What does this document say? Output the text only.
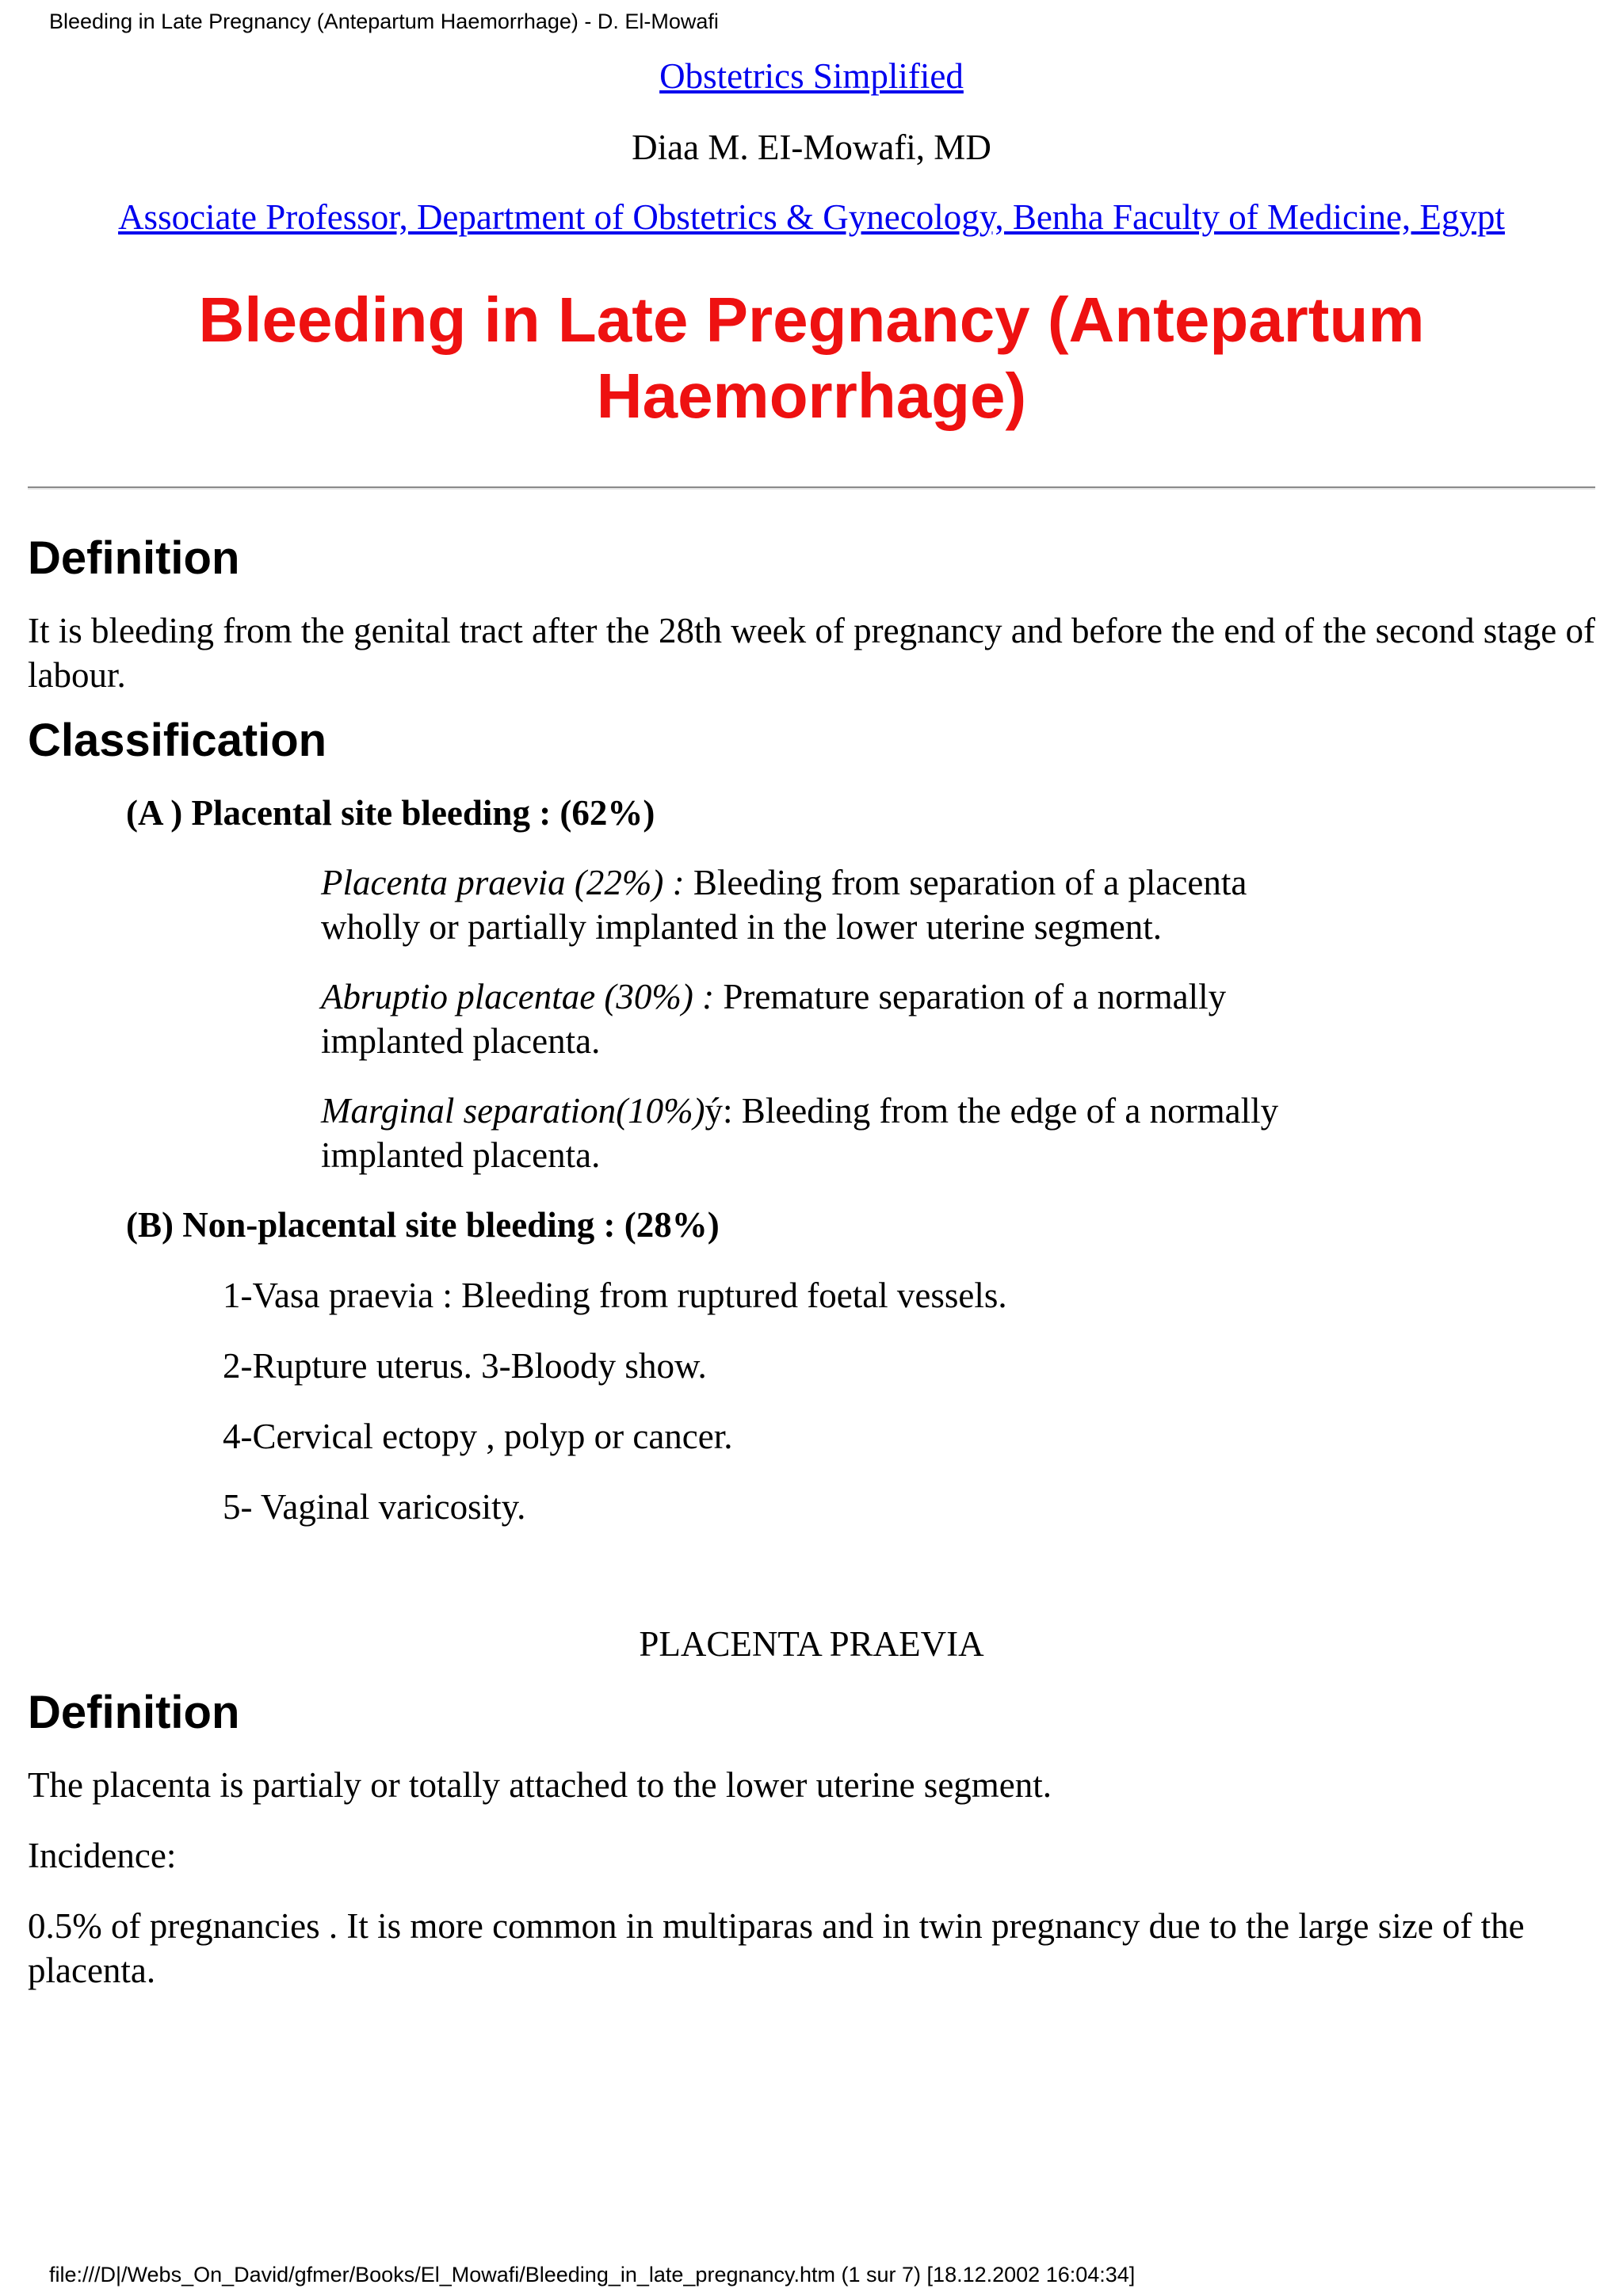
Bleeding in Late Pregnancy (Antepartum Haemorrhage) - D. El-Mowafi

Obstetrics Simplified

Diaa M. EI-Mowafi, MD

Associate Professor, Department of Obstetrics & Gynecology, Benha Faculty of Medicine, Egypt

Bleeding in Late Pregnancy (Antepartum Haemorrhage)
Definition

It is bleeding from the genital tract after the 28th week of pregnancy and before the end of the second stage of labour.

Classification

(A ) Placental site bleeding : (62%)

Placenta praevia (22%) : Bleeding from separation of a placenta wholly or partially implanted in the lower uterine segment.

Abruptio placentae (30%) : Premature separation of a normally implanted placenta.

Marginal separation(10%)ý: Bleeding from the edge of a normally implanted placenta.

(B) Non-placental site bleeding : (28%)

1-Vasa praevia : Bleeding from ruptured foetal vessels.

2-Rupture uterus. 3-Bloody show.

4-Cervical ectopy , polyp or cancer.

5- Vaginal varicosity.

PLACENTA PRAEVIA

Definition

The placenta is partialy or totally attached to the lower uterine segment.

Incidence:

0.5% of pregnancies . It is more common in multiparas and in twin pregnancy due to the large size of the placenta.

file:///D|/Webs_On_David/gfmer/Books/El_Mowafi/Bleeding_in_late_pregnancy.htm (1 sur 7) [18.12.2002 16:04:34]
